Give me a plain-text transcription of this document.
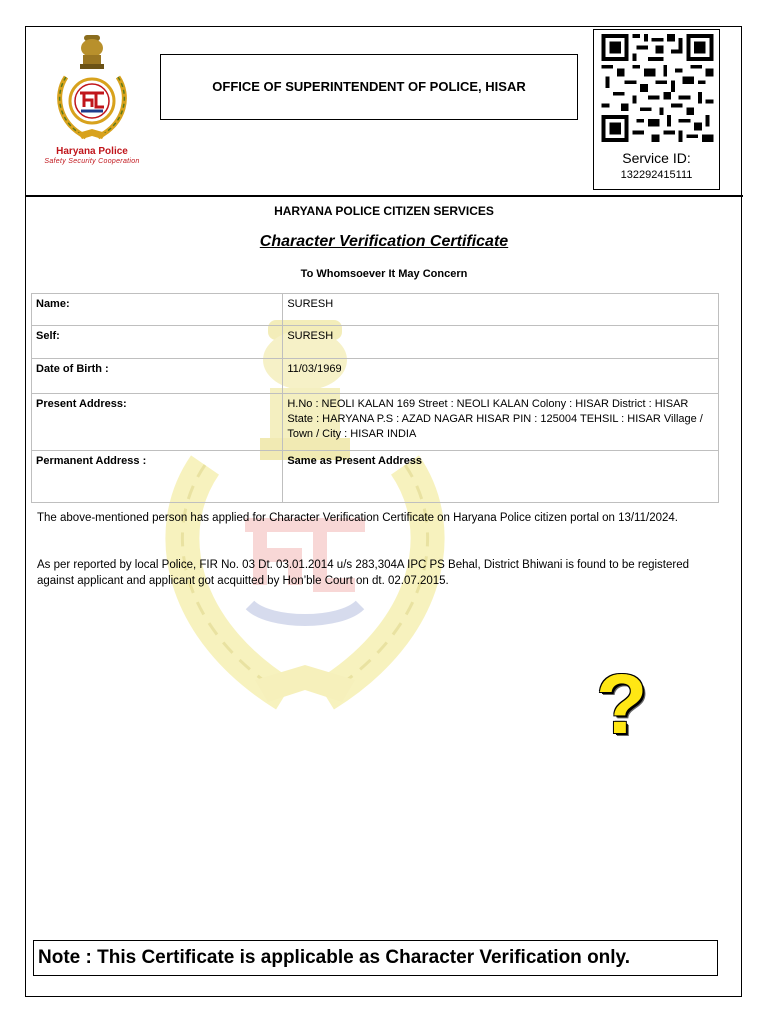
Haryana Police
Safety Security Cooperation
OFFICE OF SUPERINTENDENT OF POLICE, HISAR
Service ID:
132292415111
HARYANA POLICE CITIZEN SERVICES
Character Verification Certificate
To Whomsoever It May Concern
Name:	SURESH
Self:	SURESH
Date of Birth :	11/03/1969
Present Address:	H.No : NEOLI KALAN 169 Street : NEOLI KALAN Colony : HISAR District : HISAR State : HARYANA P.S : AZAD NAGAR HISAR PIN : 125004 TEHSIL : HISAR Village / Town / City : HISAR INDIA
Permanent Address :	Same as Present Address
The above-mentioned person has applied for Character Verification Certificate on Haryana Police citizen portal on 13/11/2024.
As per reported by local Police, FIR No. 03 Dt. 03.01.2014 u/s 283,304A IPC PS Behal, District Bhiwani is found to be registered against applicant and applicant got acquitted by Hon’ble Court on dt. 02.07.2015.
?
Note : This Certificate is applicable as Character Verification only.
